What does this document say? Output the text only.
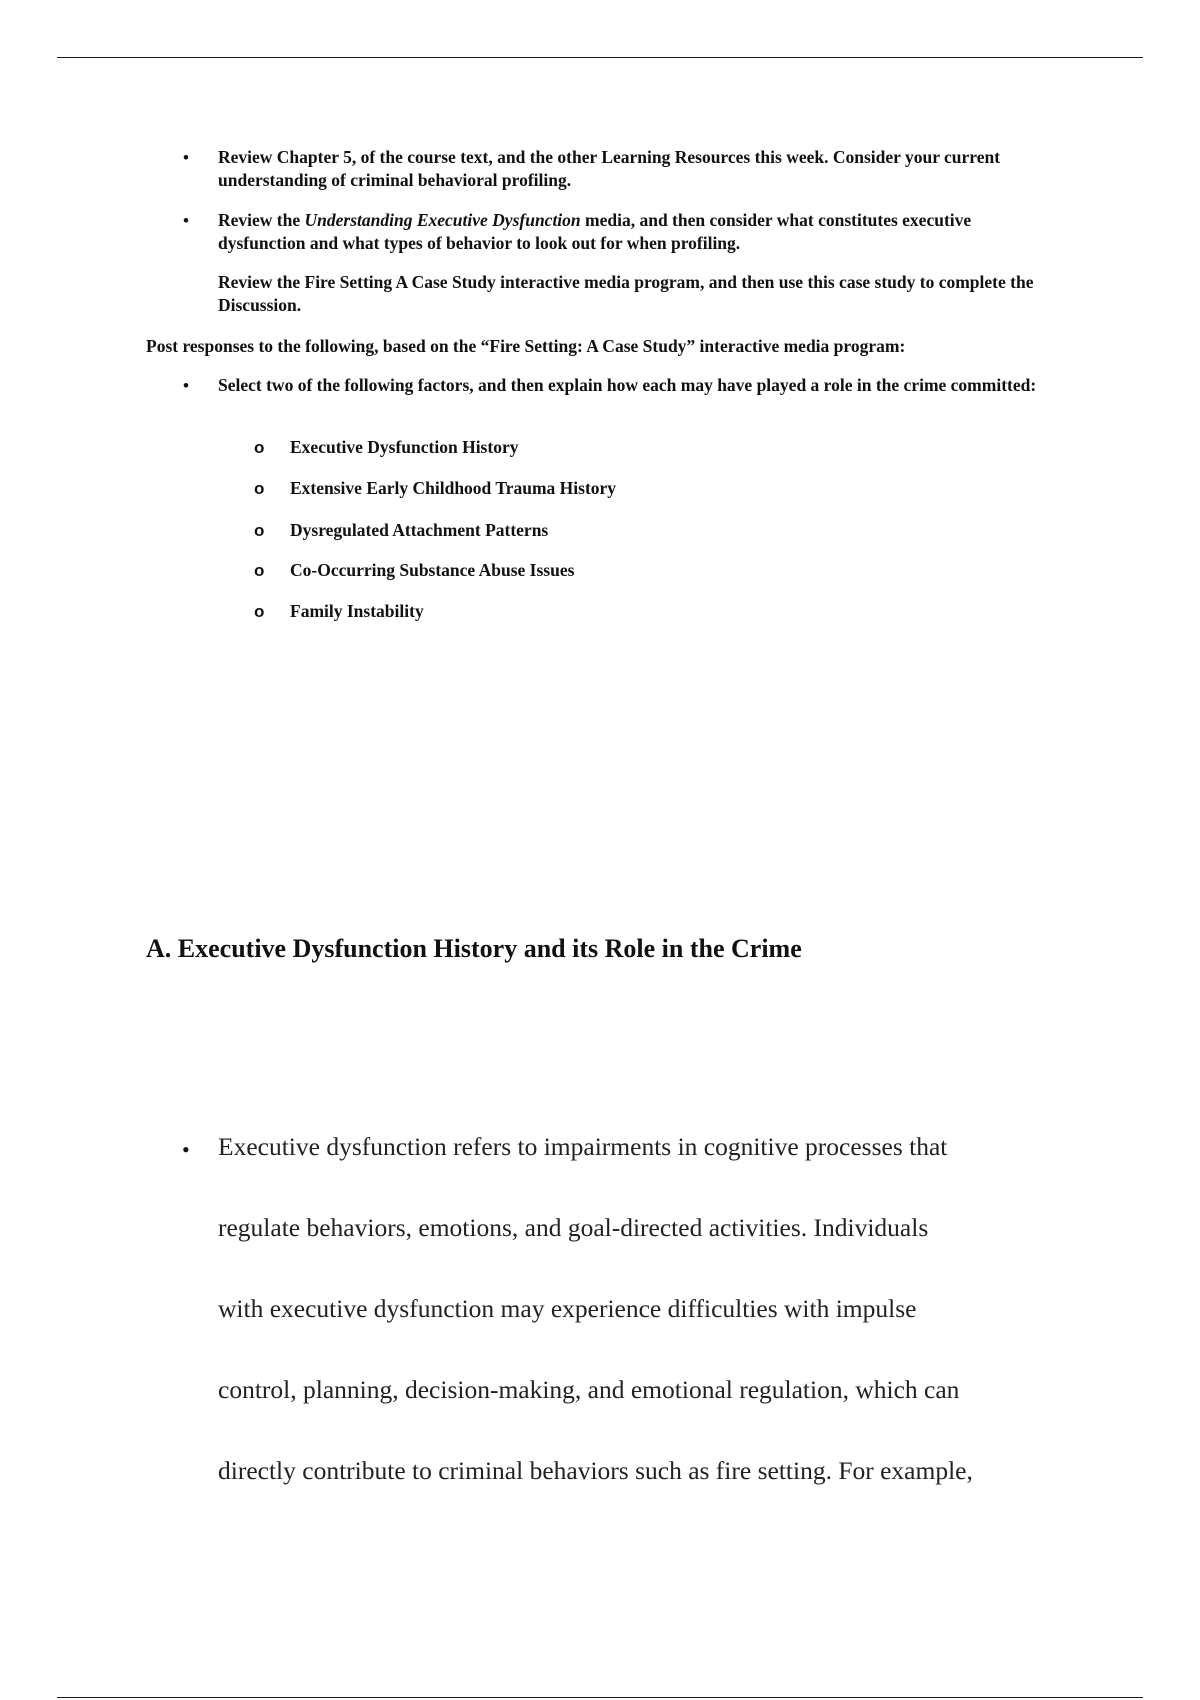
• Review Chapter 5, of the course text, and the other Learning Resources this week. Consider your current understanding of criminal behavioral profiling.

• Review the Understanding Executive Dysfunction media, and then consider what constitutes executive dysfunction and what types of behavior to look out for when profiling.

Review the Fire Setting A Case Study interactive media program, and then use this case study to complete the Discussion.

Post responses to the following, based on the “Fire Setting: A Case Study” interactive media program:

• Select two of the following factors, and then explain how each may have played a role in the crime committed:

o Executive Dysfunction History
o Extensive Early Childhood Trauma History
o Dysregulated Attachment Patterns
o Co-Occurring Substance Abuse Issues
o Family Instability
A. Executive Dysfunction History and its Role in the Crime
• Executive dysfunction refers to impairments in cognitive processes that
regulate behaviors, emotions, and goal-directed activities. Individuals
with executive dysfunction may experience difficulties with impulse
control, planning, decision-making, and emotional regulation, which can
directly contribute to criminal behaviors such as fire setting. For example,
